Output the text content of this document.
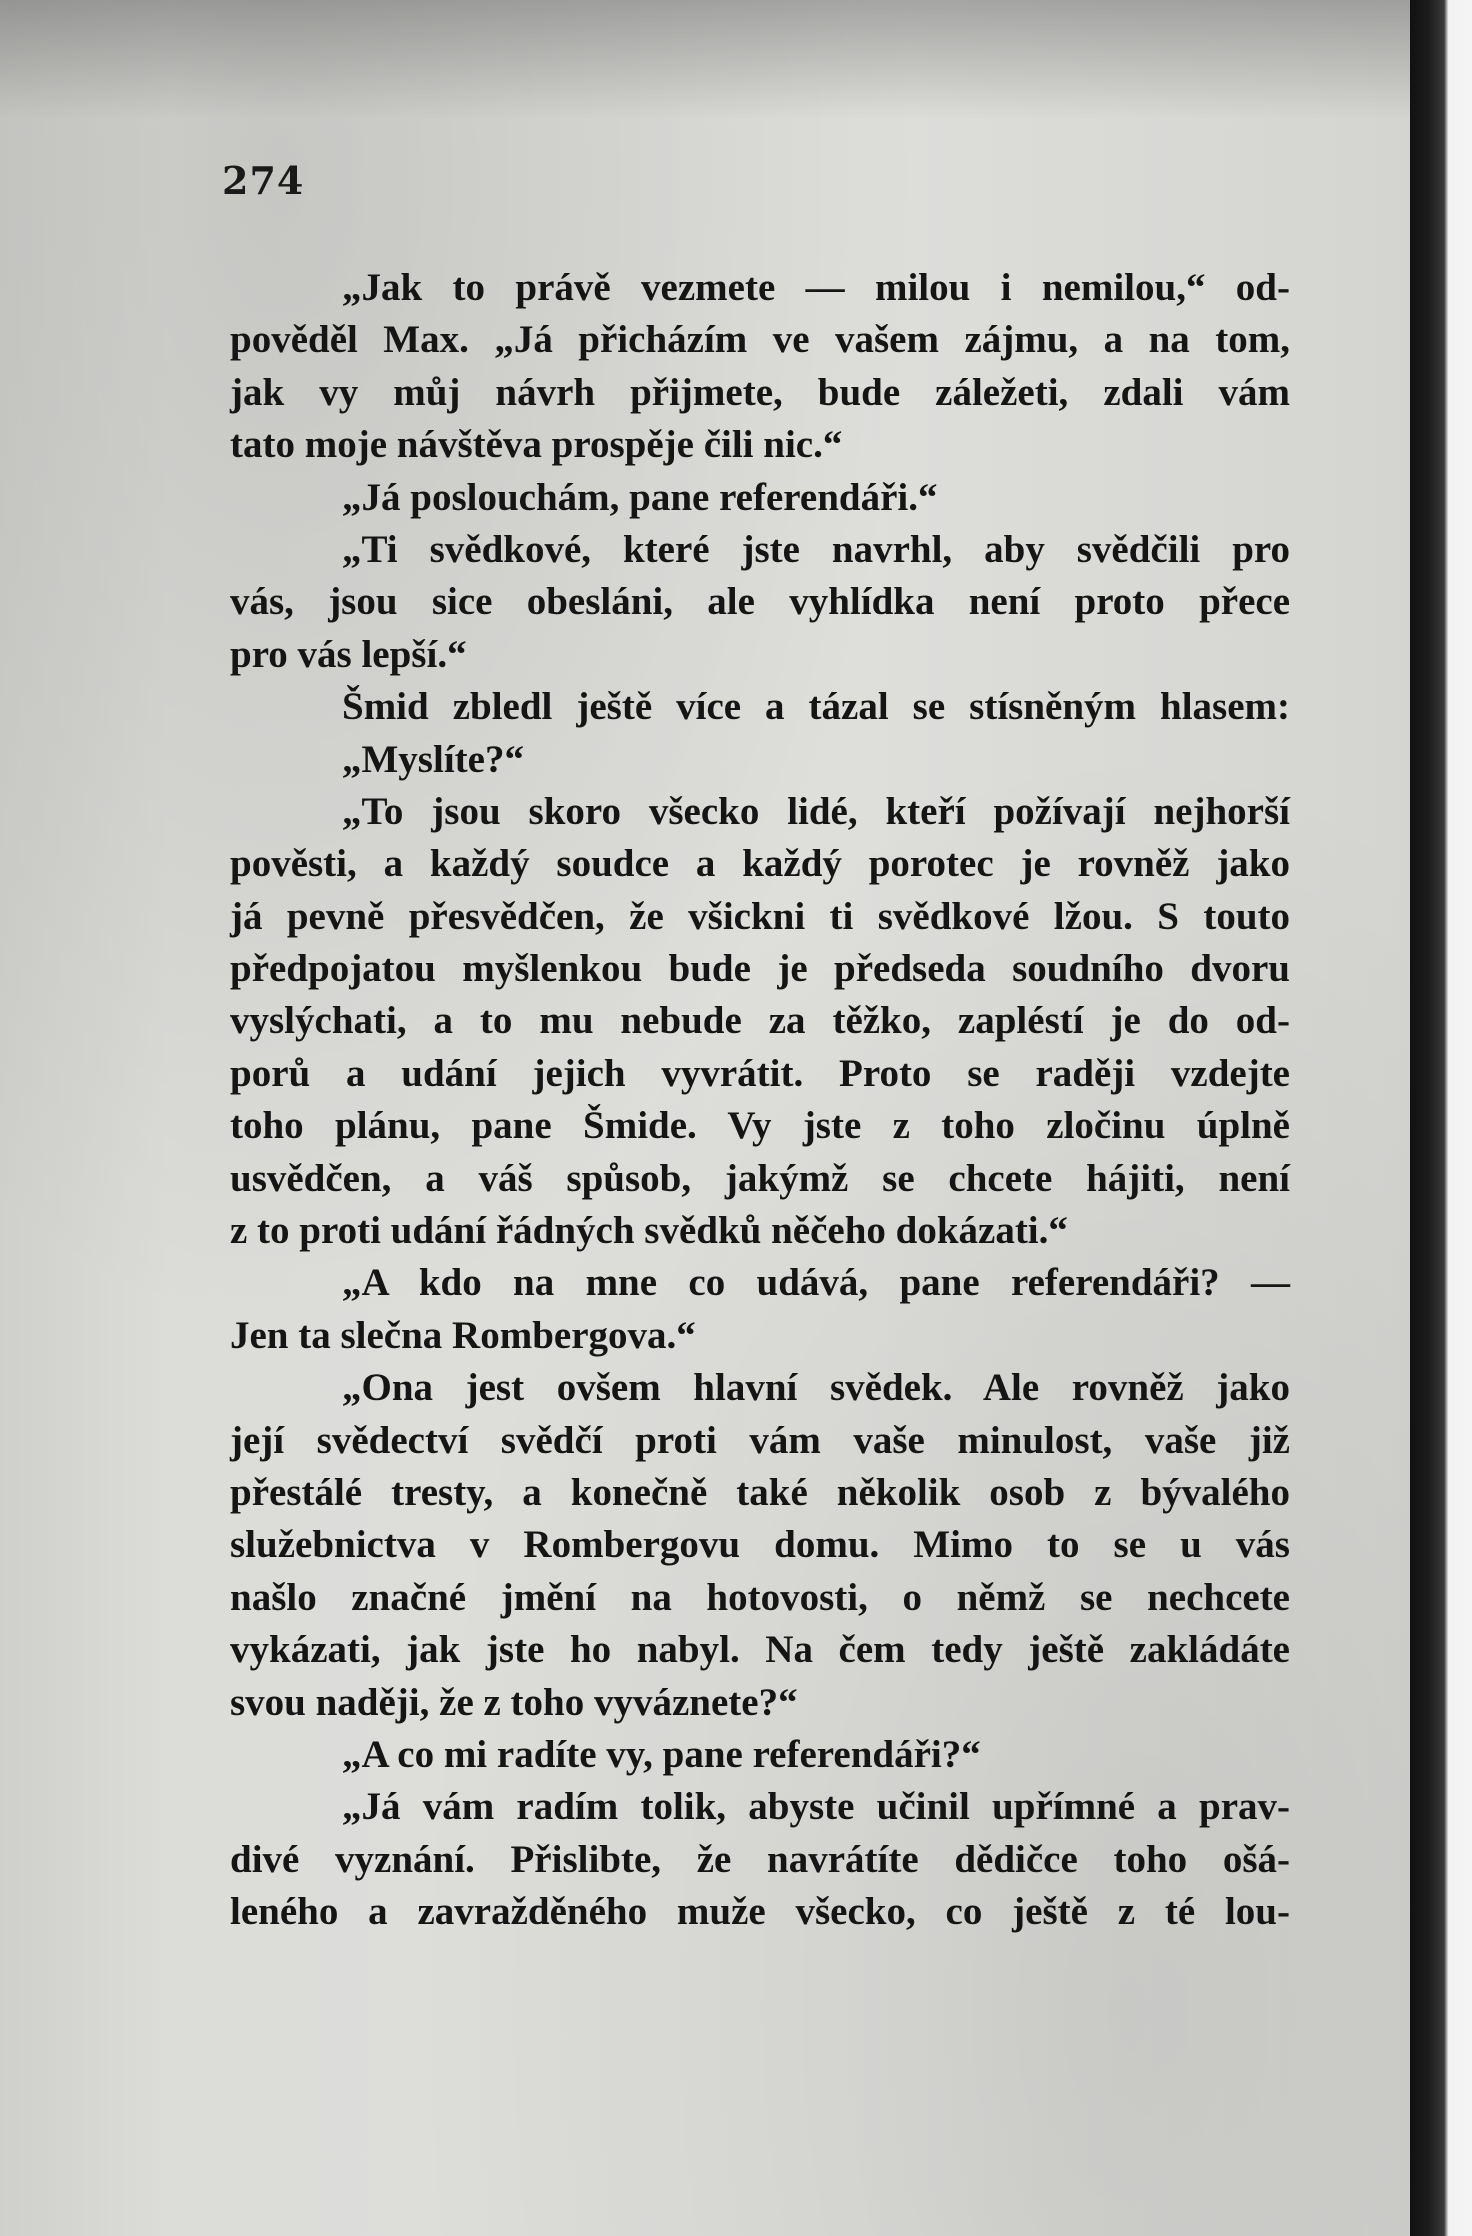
274
„Jak to právě vezmete — milou i nemilou,“ od-
pověděl Max. „Já přicházím ve vašem zájmu, a na tom,
jak vy můj návrh přijmete, bude záležeti, zdali vám
tato moje návštěva prospěje čili nic.“
„Já poslouchám, pane referendáři.“
„Ti svědkové, které jste navrhl, aby svědčili pro
vás, jsou sice obesláni, ale vyhlídka není proto přece
pro vás lepší.“
Šmid zbledl ještě více a tázal se stísněným hlasem:
„Myslíte?“
„To jsou skoro všecko lidé, kteří požívají nejhorší
pověsti, a každý soudce a každý porotec je rovněž jako
já pevně přesvědčen, že všickni ti svědkové lžou. S touto
předpojatou myšlenkou bude je předseda soudního dvoru
vyslýchati, a to mu nebude za těžko, zapléstí je do od-
porů a udání jejich vyvrátit. Proto se raději vzdejte
toho plánu, pane Šmide. Vy jste z toho zločinu úplně
usvědčen, a váš spůsob, jakýmž se chcete hájiti, není
z to proti udání řádných svědků něčeho dokázati.“
„A kdo na mne co udává, pane referendáři? —
Jen ta slečna Rombergova.“
„Ona jest ovšem hlavní svědek. Ale rovněž jako
její svědectví svědčí proti vám vaše minulost, vaše již
přestálé tresty, a konečně také několik osob z bývalého
služebnictva v Rombergovu domu. Mimo to se u vás
našlo značné jmění na hotovosti, o němž se nechcete
vykázati, jak jste ho nabyl. Na čem tedy ještě zakládáte
svou naději, že z toho vyváznete?“
„A co mi radíte vy, pane referendáři?“
„Já vám radím tolik, abyste učinil upřímné a prav-
divé vyznání. Přislibte, že navrátíte dědičce toho ošá-
leného a zavražděného muže všecko, co ještě z té lou-
